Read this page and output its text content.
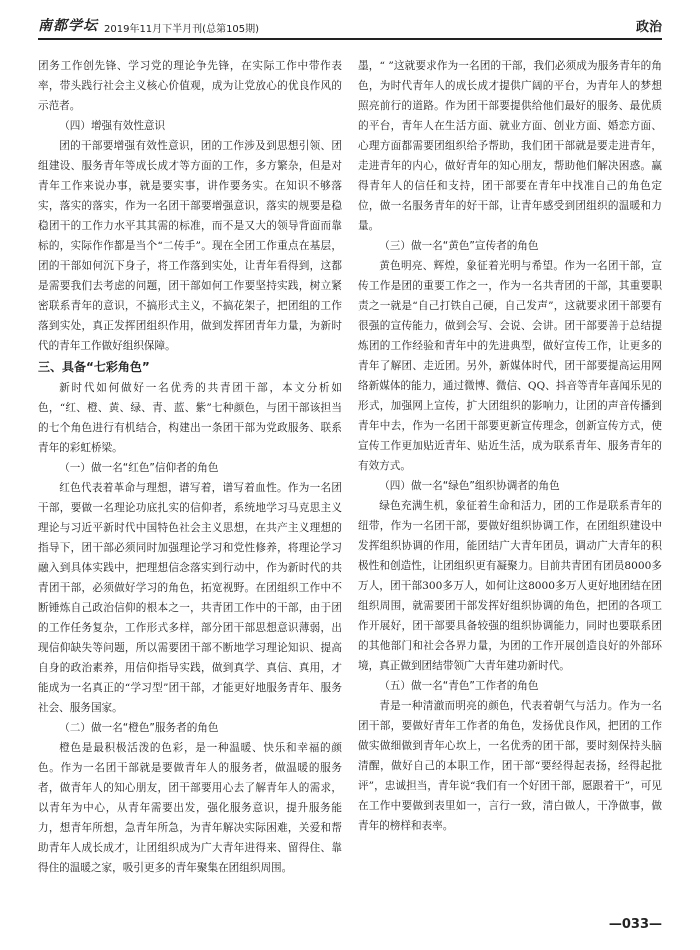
南都学坛 2019年11月下半月刊(总第105期)	政治

团务工作创先锋、学习党的理论争先锋，在实际工作中带作表率，带头践行社会主义核心价值观，成为让党放心的优良作风的示范者。

（四）增强有效性意识

团的干部要增强有效性意识，团的工作涉及到思想引领、团组建设、服务青年等成长成才等方面的工作，多方繁杂，但是对青年工作来说办事，就是要实事，讲作要务实。在知识不够落实，落实的落实，作为一名团干部要增强意识，落实的规要是稳稳团干的工作力水平其其需的标准，而不是又大的领导背面而靠标的，实际作作都是当个“二传手”。现在全团工作重点在基层，团的干部如何沉下身子，将工作落到实处，让青年看得到，这都是需要我们去考虑的问题，团干部如何工作要坚持实践，树立紧密联系青年的意识，不搞形式主义，不搞花架子，把团组的工作落到实处，真正发挥团组织作用，做到发挥团青年力量，为新时代的青年工作做好组织保障。

三、具备“七彩角色”

新时代如何做好一名优秀的共青团干部，本文分析如色，“红、橙、黄、绿、青、蓝、紫”七种颜色，与团干部该担当的七个角色进行有机结合，构建出一条团干部为党政服务、联系青年的彩虹桥梁。

（一）做一名“红色”信仰者的角色

红色代表着革命与理想，谱写着，谱写着血性。作为一名团干部，要做一名理论功底扎实的信仰者，系统地学习马克思主义理论与习近平新时代中国特色社会主义思想，在共产主义理想的指导下，团干部必须同时加强理论学习和党性修养，将理论学习融入到具体实践中，把理想信念落实到行动中，作为新时代的共青团干部，必须做好学习的角色，拓宽视野。在团组织工作中不断锤炼自己政治信仰的根本之一，共青团工作中的干部，由于团的工作任务复杂，工作形式多样，部分团干部思想意识薄弱，出现信仰缺失等问题，所以需要团干部不断地学习理论知识、提高自身的政治素养，用信仰指导实践，做到真学、真信、真用，才能成为一名真正的“学习型”团干部，才能更好地服务青年、服务社会、服务国家。

（二）做一名“橙色”服务者的角色

橙色是最积极活泼的色彩，是一种温暖、快乐和幸福的颜色。作为一名团干部就是要做青年人的服务者，做温暖的服务者，做青年人的知心朋友，团干部要用心去了解青年人的需求，以青年为中心，从青年需要出发，强化服务意识，提升服务能力，想青年所想，急青年所急，为青年解决实际困难，关爱和帮助青年人成长成才，让团组织成为广大青年进得来、留得住、靠得住的温暖之家，吸引更多的青年聚集在团组织周围。

墨，“ ”这就要求作为一名团的干部，我们必须成为服务青年的角色，为时代青年人的成长成才提供广阔的平台，为青年人的梦想照亮前行的道路。作为团干部要提供给他们最好的服务、最优质的平台，青年人在生活方面、就业方面、创业方面、婚恋方面、心理方面都需要团组织给予帮助，我们团干部就是要走进青年，走进青年的内心，做好青年的知心朋友，帮助他们解决困惑。赢得青年人的信任和支持，团干部要在青年中找准自己的角色定位，做一名服务青年的好干部，让青年感受到团组织的温暖和力量。

（三）做一名“黄色”宣传者的角色

黄色明亮、辉煌，象征着光明与希望。作为一名团干部，宣传工作是团的重要工作之一，作为一名共青团的干部，其重要职责之一就是“自己打铁自己硬，自己发声”，这就要求团干部要有很强的宣传能力，做到会写、会说、会讲。团干部要善于总结提炼团的工作经验和青年中的先进典型，做好宣传工作，让更多的青年了解团、走近团。另外，新媒体时代，团干部要提高运用网络新媒体的能力，通过微博、微信、QQ、抖音等青年喜闻乐见的形式，加强网上宣传，扩大团组织的影响力，让团的声音传播到青年中去，作为一名团干部要更新宣传理念，创新宣传方式，使宣传工作更加贴近青年、贴近生活，成为联系青年、服务青年的有效方式。

（四）做一名“绿色”组织协调者的角色

绿色充满生机，象征着生命和活力，团的工作是联系青年的纽带，作为一名团干部，要做好组织协调工作，在团组织建设中发挥组织协调的作用，能团结广大青年团员，调动广大青年的积极性和创造性，让团组织更有凝聚力。目前共青团有团员8000多万人，团干部300多万人，如何让这8000多万人更好地团结在团组织周围，就需要团干部发挥好组织协调的角色，把团的各项工作开展好，团干部要具备较强的组织协调能力，同时也要联系团的其他部门和社会各界力量，为团的工作开展创造良好的外部环境，真正做到团结带领广大青年建功新时代。

（五）做一名“青色”工作者的角色

青是一种清澈而明亮的颜色，代表着朝气与活力。作为一名团干部，要做好青年工作者的角色，发扬优良作风，把团的工作做实做细做到青年心坎上，一名优秀的团干部，要时刻保持头脑清醒，做好自己的本职工作，团干部“要经得起表扬，经得起批评”，忠诚担当，青年说“我们有一个好团干部，愿跟着干”，可见在工作中要做到表里如一，言行一致，清白做人，干净做事，做青年的榜样和表率。

—033—
